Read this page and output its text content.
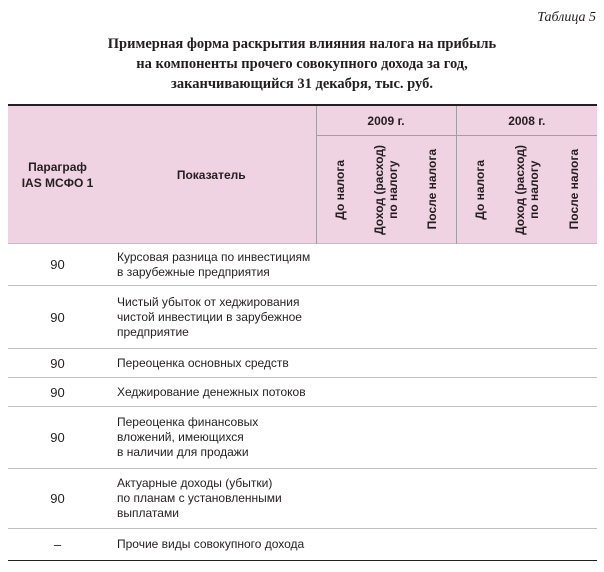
Таблица 5
Примерная форма раскрытия влияния налога на прибыль
на компоненты прочего совокупного дохода за год,
заканчивающийся 31 декабря, тыс. руб.
Параграф
IAS МСФО 1	Показатель	2009 г.			2008 г.		

		До налога	Доход (расход)
по налогу	После налога	До налога	Доход (расход)
по налогу	После налога

90	Курсовая разница по инвестициям
в зарубежные предприятия						

90	Чистый убыток от хеджирования
чистой инвестиции в зарубежное
предприятие						

90	Переоценка основных средств						

90	Хеджирование денежных потоков						

90	Переоценка финансовых
вложений, имеющихся
в наличии для продажи						

90	Актуарные доходы (убытки)
по планам с установленными
выплатами						

–	Прочие виды совокупного дохода						
